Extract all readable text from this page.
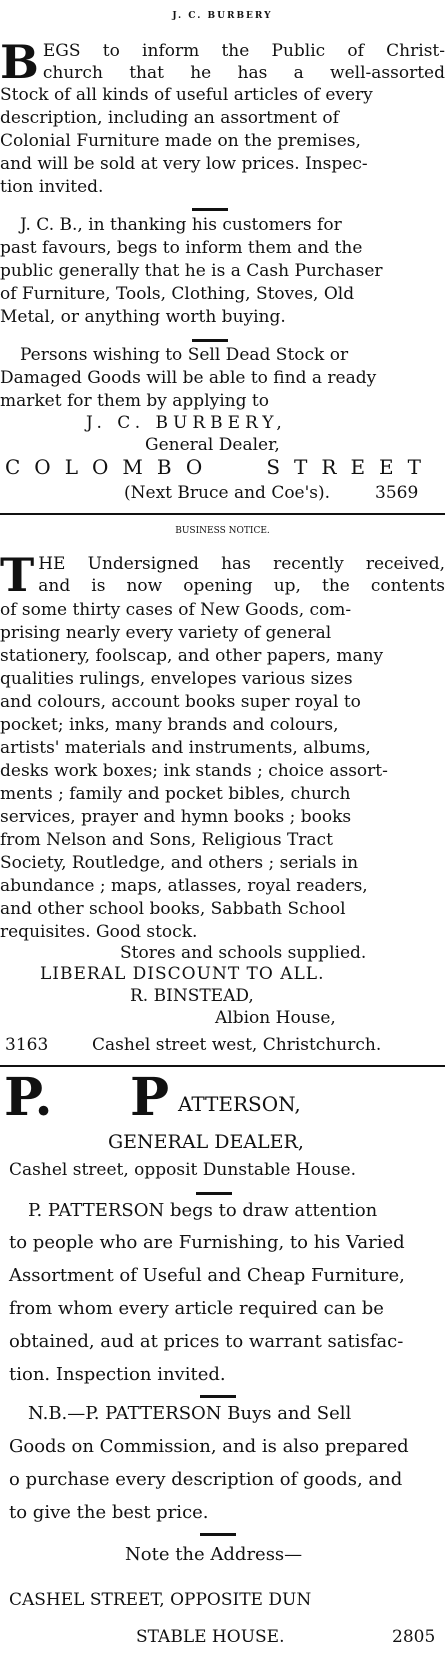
J. C. BURBERY
B EGS to inform the Public of Christ-
church that he has a well-assorted
Stock of all kinds of useful articles of every
description, including an assortment of
Colonial Furniture made on the premises,
and will be sold at very low prices. Inspec-
tion invited.
J. C. B., in thanking his customers for
past favours, begs to inform them and the
public generally that he is a Cash Purchaser
of Furniture, Tools, Clothing, Stoves, Old
Metal, or anything worth buying.
Persons wishing to Sell Dead Stock or
Damaged Goods will be able to find a ready
market for them by applying to
J. C. BURBERY,
General Dealer,
COLOMBO STREET
(Next Bruce and Coe's).	3569
BUSINESS NOTICE.
T HE Undersigned has recently received,
and is now opening up, the contents
of some thirty cases of New Goods, com-
prising nearly every variety of general
stationery, foolscap, and other papers, many
qualities rulings, envelopes various sizes
and colours, account books super royal to
pocket; inks, many brands and colours,
artists' materials and instruments, albums,
desks work boxes; ink stands ; choice assort-
ments ; family and pocket bibles, church
services, prayer and hymn books ; books
from Nelson and Sons, Religious Tract
Society, Routledge, and others ; serials in
abundance ; maps, atlasses, royal readers,
and other school books, Sabbath School
requisites. Good stock.
Stores and schools supplied.
LIBERAL DISCOUNT TO ALL.
R. BINSTEAD,
Albion House,
3163	Cashel street west, Christchurch.
P. P ATTERSON,
GENERAL DEALER,
Cashel street, opposit Dunstable House.
P. PATTERSON begs to draw attention
to people who are Furnishing, to his Varied
Assortment of Useful and Cheap Furniture,
from whom every article required can be
obtained, aud at prices to warrant satisfac-
tion. Inspection invited.
N.B.—P. PATTERSON Buys and Sell
Goods on Commission, and is also prepared
o purchase every description of goods, and
to give the best price.
Note the Address—
CASHEL STREET, OPPOSITE DUN
STABLE HOUSE.	2805
